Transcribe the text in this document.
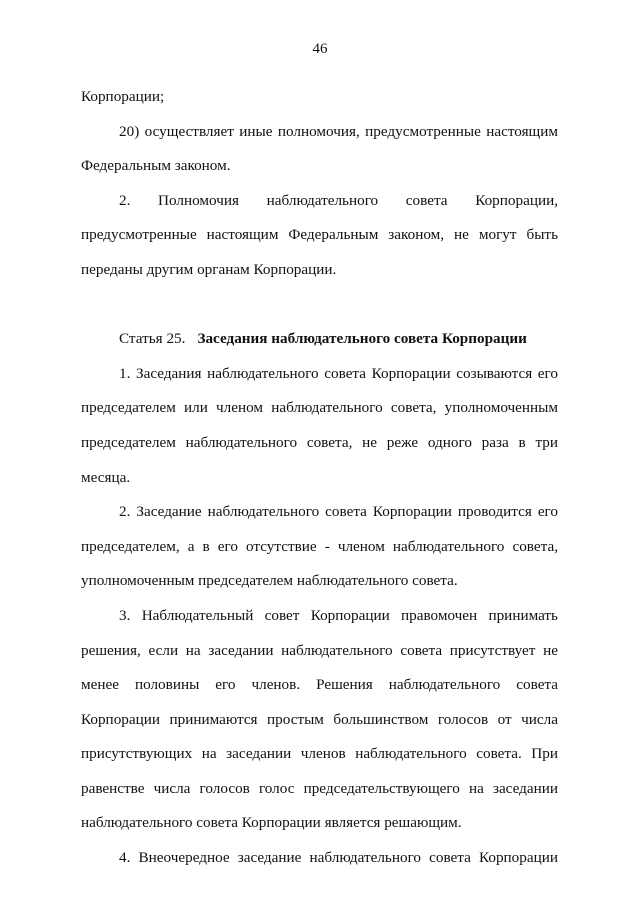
46

Корпорации;

20) осуществляет иные полномочия, предусмотренные настоящим Федеральным законом.

2. Полномочия наблюдательного совета Корпорации, предусмотренные настоящим Федеральным законом, не могут быть переданы другим органам Корпорации.

Статья 25. Заседания наблюдательного совета Корпорации

1. Заседания наблюдательного совета Корпорации созываются его председателем или членом наблюдательного совета, уполномоченным председателем наблюдательного совета, не реже одного раза в три месяца.

2. Заседание наблюдательного совета Корпорации проводится его председателем, а в его отсутствие - членом наблюдательного совета, уполномоченным председателем наблюдательного совета.

3. Наблюдательный совет Корпорации правомочен принимать решения, если на заседании наблюдательного совета присутствует не менее половины его членов. Решения наблюдательного совета Корпорации принимаются простым большинством голосов от числа присутствующих на заседании членов наблюдательного совета. При равенстве числа голосов голос председательствующего на заседании наблюдательного совета Корпорации является решающим.

4. Внеочередное заседание наблюдательного совета Корпорации
